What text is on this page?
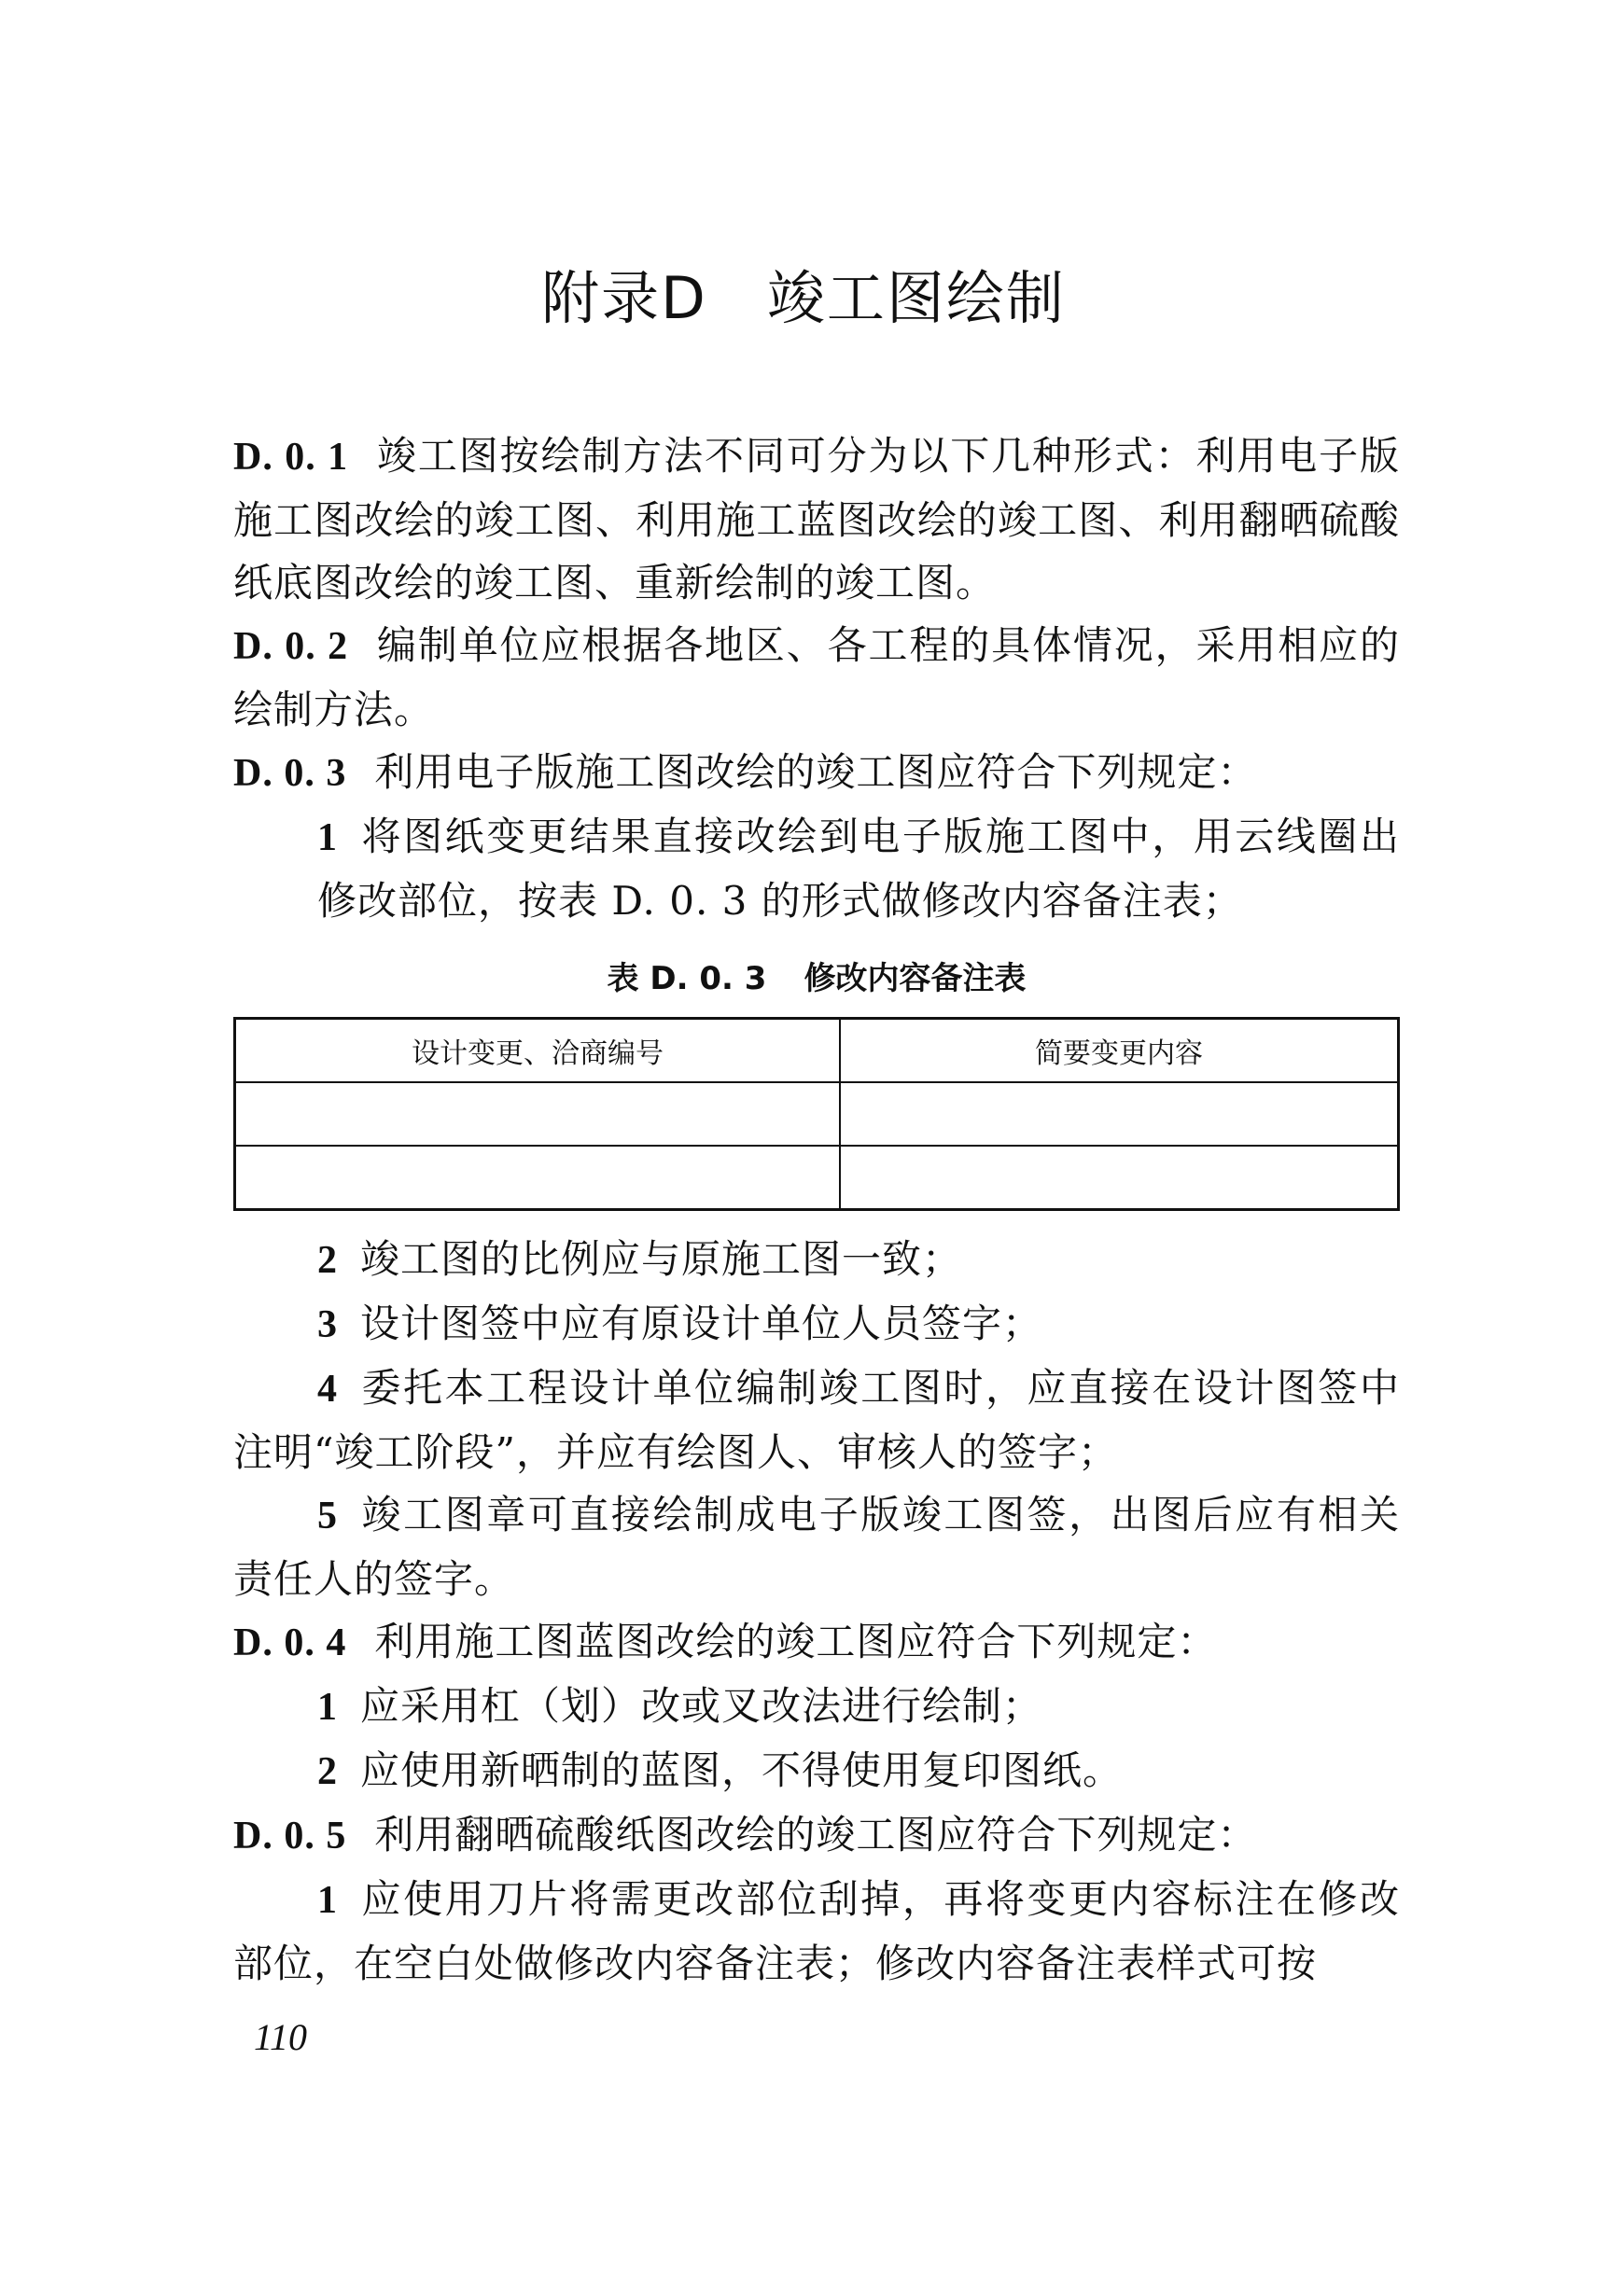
附录D　竣工图绘制
D. 0. 1 竣工图按绘制方法不同可分为以下几种形式：利用电子版施工图改绘的竣工图、利用施工蓝图改绘的竣工图、利用翻晒硫酸纸底图改绘的竣工图、重新绘制的竣工图。
D. 0. 2 编制单位应根据各地区、各工程的具体情况，采用相应的绘制方法。
D. 0. 3 利用电子版施工图改绘的竣工图应符合下列规定：
1 将图纸变更结果直接改绘到电子版施工图中，用云线圈出修改部位，按表 D. 0. 3 的形式做修改内容备注表；
表 D. 0. 3 修改内容备注表
设计变更、洽商编号	简要变更内容

2 竣工图的比例应与原施工图一致；
3 设计图签中应有原设计单位人员签字；
4 委托本工程设计单位编制竣工图时，应直接在设计图签中注明“竣工阶段”，并应有绘图人、审核人的签字；
5 竣工图章可直接绘制成电子版竣工图签，出图后应有相关责任人的签字。
D. 0. 4 利用施工图蓝图改绘的竣工图应符合下列规定：
1 应采用杠（划）改或叉改法进行绘制；
2 应使用新晒制的蓝图，不得使用复印图纸。
D. 0. 5 利用翻晒硫酸纸图改绘的竣工图应符合下列规定：
1 应使用刀片将需更改部位刮掉，再将变更内容标注在修改部位，在空白处做修改内容备注表；修改内容备注表样式可按
110
